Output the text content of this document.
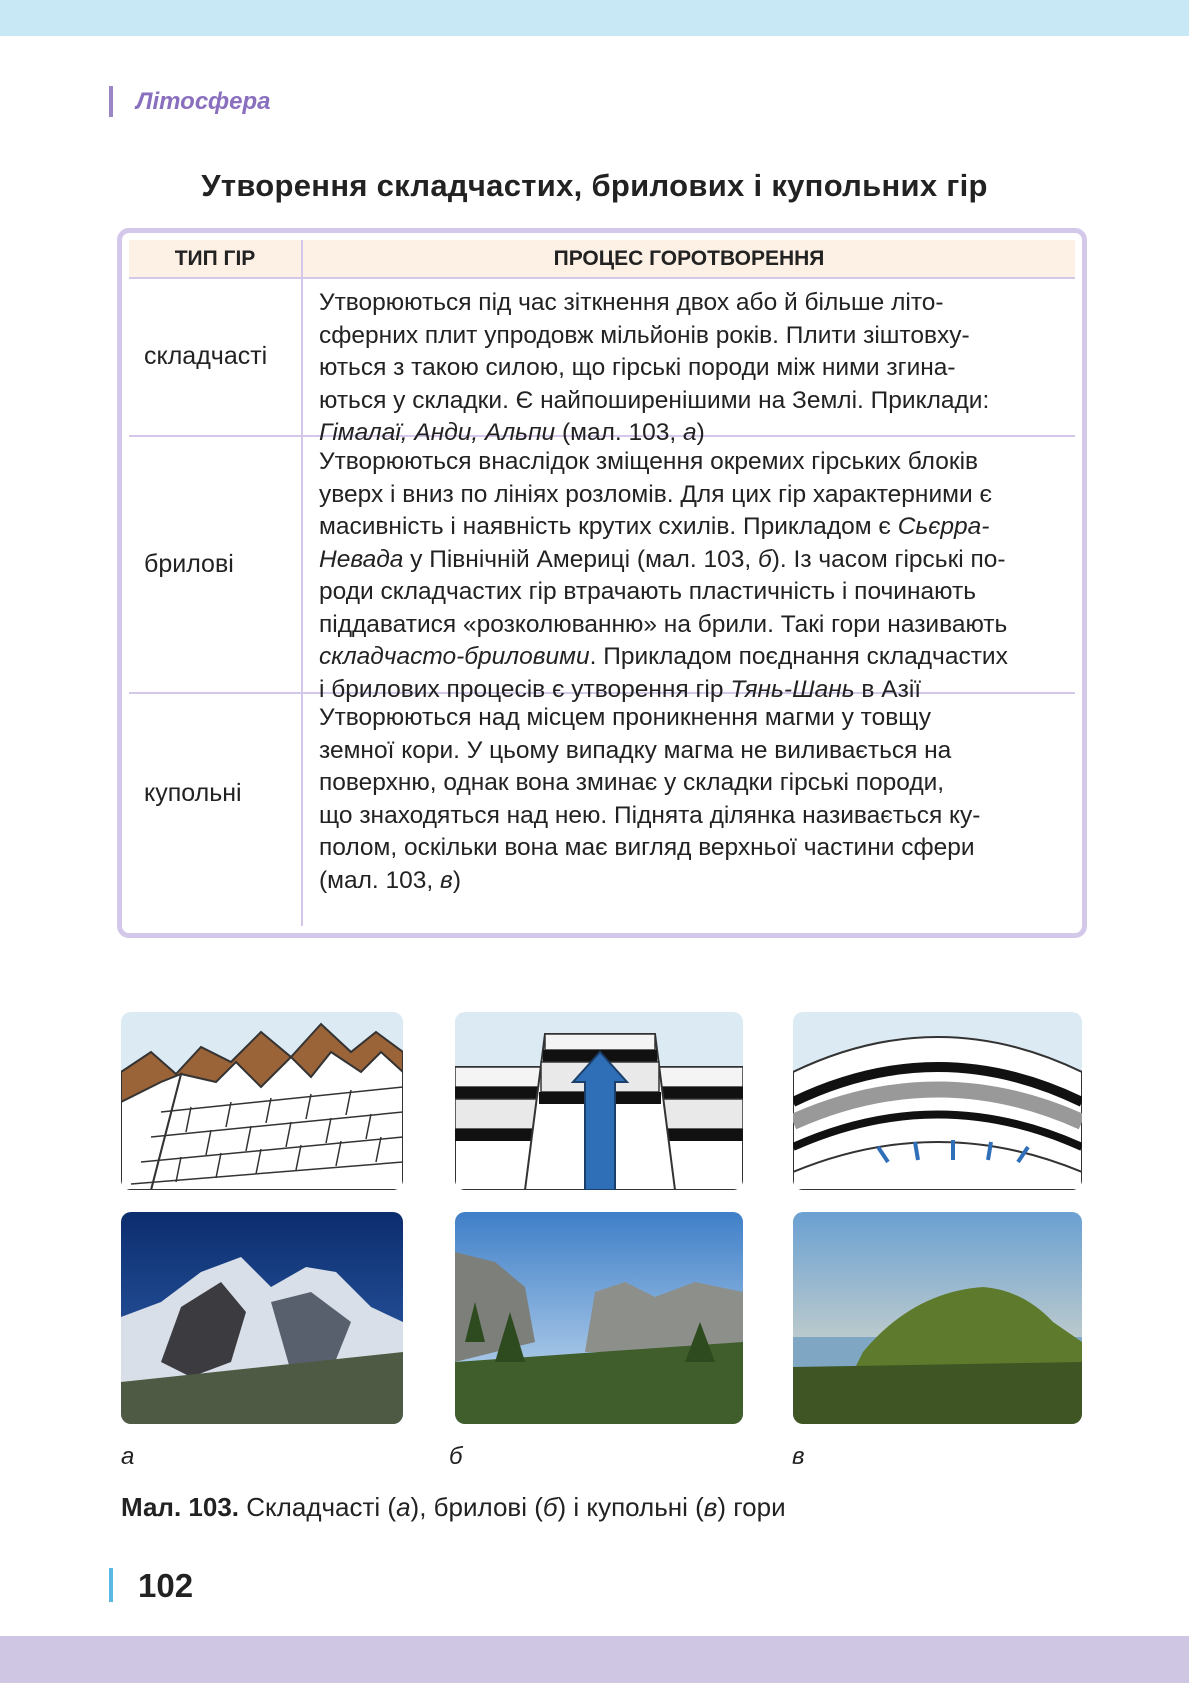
Літосфера
Утворення складчастих, брилових і купольних гір
ТИП ГІР	ПРОЦЕС ГОРОТВОРЕННЯ
складчасті
Утворюються під час зіткнення двох або й більше літо-
сферних плит упродовж мільйонів років. Плити зіштовху-
ються з такою силою, що гірські породи між ними згина-
ються у складки. Є найпоширенішими на Землі. Приклади:
Гімалаї, Анди, Альпи (мал. 103, а)
брилові
Утворюються внаслідок зміщення окремих гірських блоків
уверх і вниз по лініях розломів. Для цих гір характерними є
масивність і наявність крутих схилів. Прикладом є Сьєрра-
Невада у Північній Америці (мал. 103, б). Із часом гірські по-
роди складчастих гір втрачають пластичність і починають
піддаватися «розколюванню» на брили. Такі гори називають
складчасто-бриловими. Прикладом поєднання складчастих
і брилових процесів є утворення гір Тянь-Шань в Азії
купольні
Утворюються над місцем проникнення магми у товщу
земної кори. У цьому випадку магма не виливається на
поверхню, однак вона зминає у складки гірські породи,
що знаходяться над нею. Піднята ділянка називається ку-
полом, оскільки вона має вигляд верхньої частини сфери
(мал. 103, в)
а	б	в
Мал. 103. Складчасті (а), брилові (б) і купольні (в) гори
102
